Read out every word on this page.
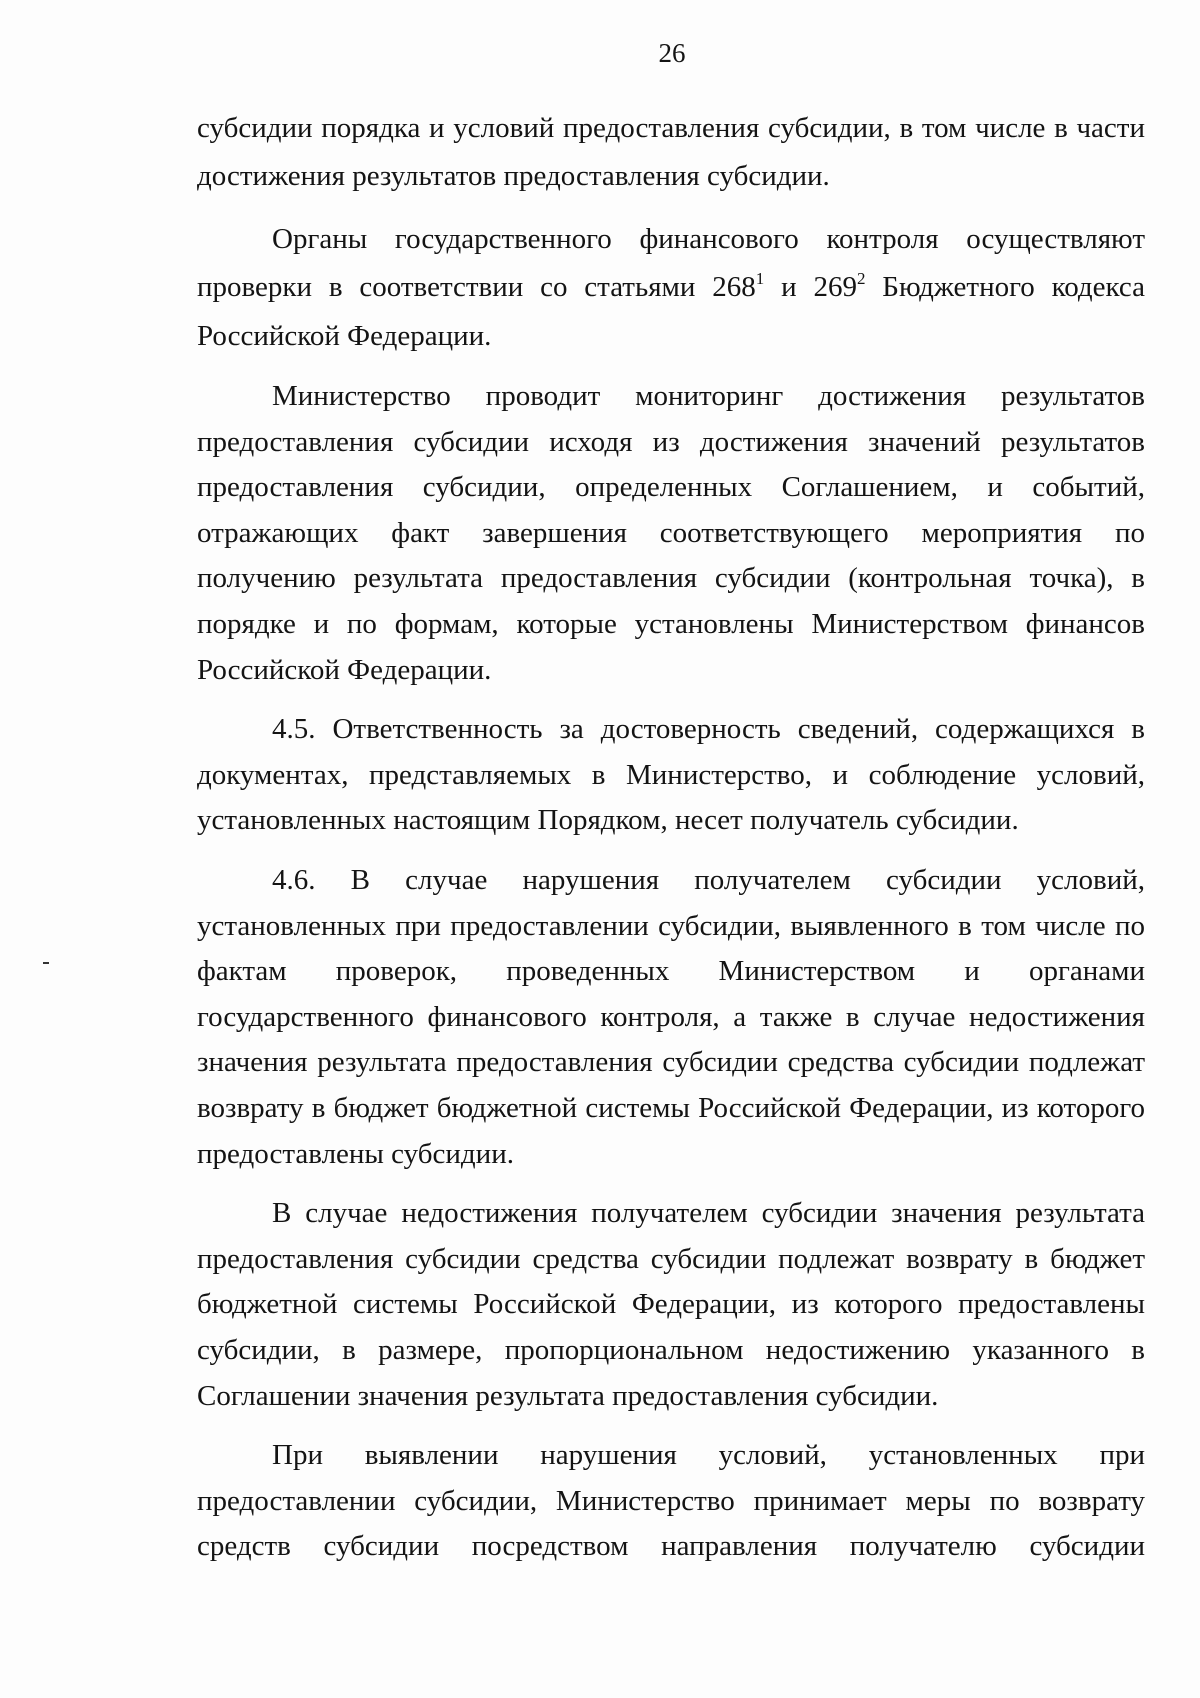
26

субсидии порядка и условий предоставления субсидии, в том числе в части достижения результатов предоставления субсидии.

Органы государственного финансового контроля осуществляют проверки в соответствии со статьями $268^1$ и $269^2$ Бюджетного кодекса Российской Федерации.

Министерство проводит мониторинг достижения результатов предоставления субсидии исходя из достижения значений результатов предоставления субсидии, определенных Соглашением, и событий, отражающих факт завершения соответствующего мероприятия по получению результата предоставления субсидии (контрольная точка), в порядке и по формам, которые установлены Министерством финансов Российской Федерации.

4.5. Ответственность за достоверность сведений, содержащихся в документах, представляемых в Министерство, и соблюдение условий, установленных настоящим Порядком, несет получатель субсидии.

4.6. В случае нарушения получателем субсидии условий, установленных при предоставлении субсидии, выявленного в том числе по фактам проверок, проведенных Министерством и органами государственного финансового контроля, а также в случае недостижения значения результата предоставления субсидии средства субсидии подлежат возврату в бюджет бюджетной системы Российской Федерации, из которого предоставлены субсидии.

В случае недостижения получателем субсидии значения результата предоставления субсидии средства субсидии подлежат возврату в бюджет бюджетной системы Российской Федерации, из которого предоставлены субсидии, в размере, пропорциональном недостижению указанного в Соглашении значения результата предоставления субсидии.

При выявлении нарушения условий, установленных при предоставлении субсидии, Министерство принимает меры по возврату средств субсидии посредством направления получателю субсидии
